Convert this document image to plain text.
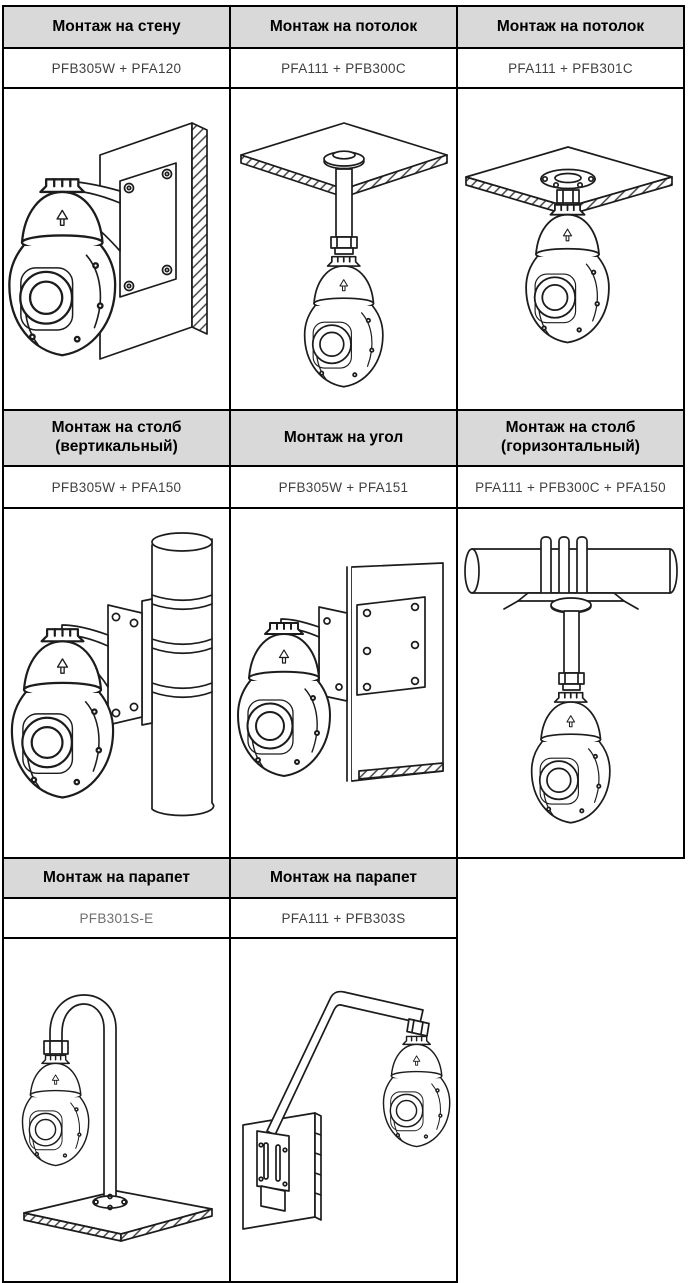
Монтаж на стену	Монтаж на потолок	Монтаж на потолок
PFB305W + PFA120	PFA111 + PFB300C	PFA111 + PFB301C

Монтаж на столб (вертикальный)	Монтаж на угол	Монтаж на столб (горизонтальный)
PFB305W + PFA150	PFB305W + PFA151	PFA111 + PFB300C + PFA150

Монтаж на парапет	Монтаж на парапет	
PFB301S-E	PFA111 + PFB303S	
